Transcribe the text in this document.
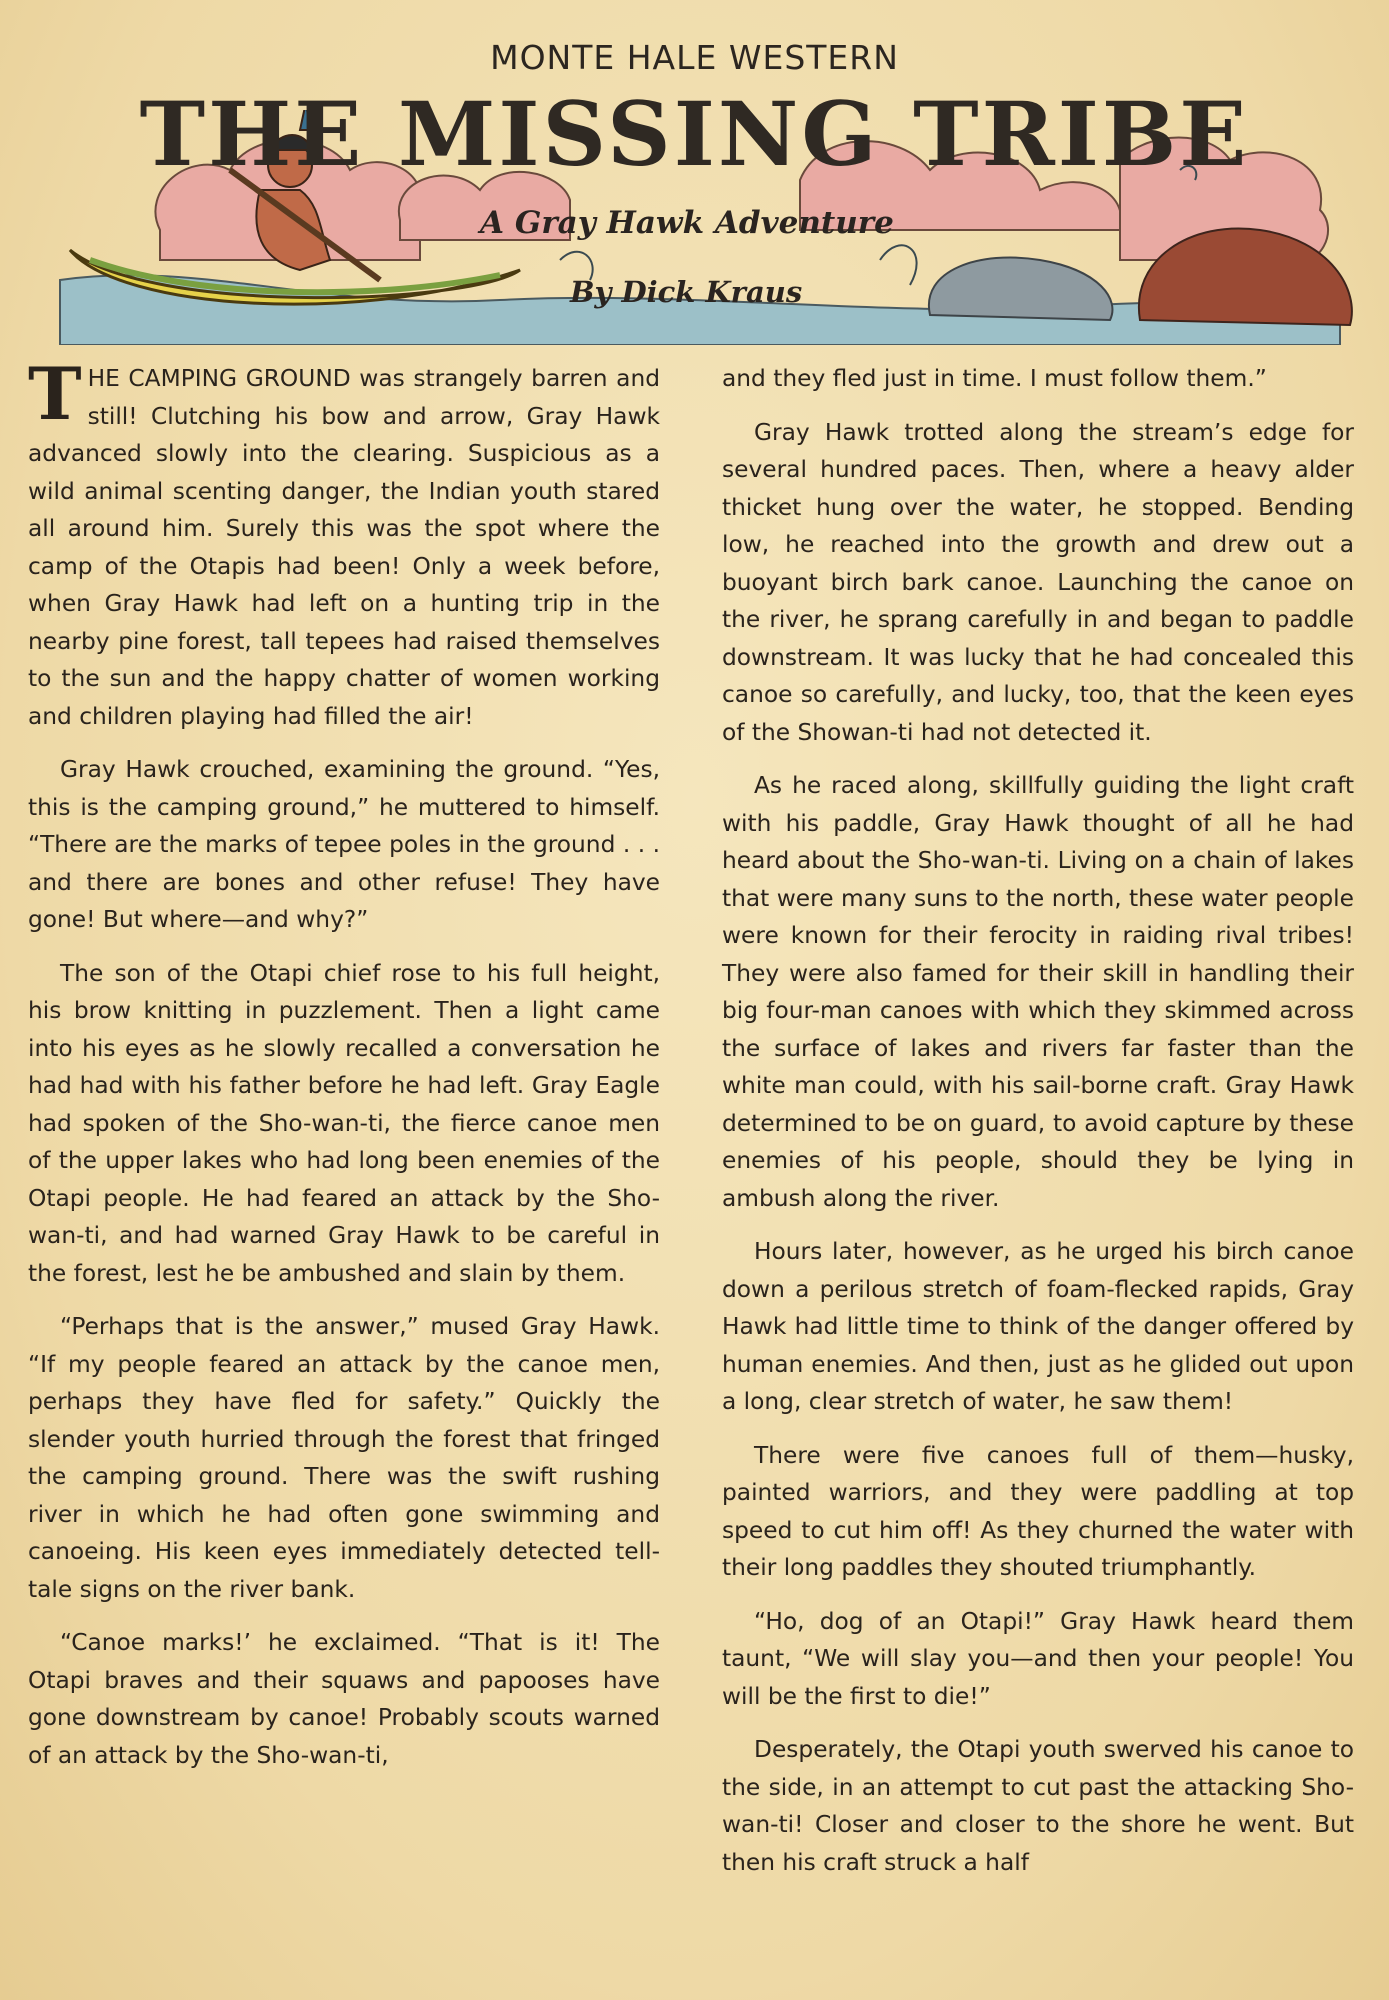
MONTE HALE WESTERN
THE MISSING TRIBE
A Gray Hawk Adventure
By Dick Kraus

THE CAMPING GROUND was strangely barren and still! Clutching his bow and arrow, Gray Hawk advanced slowly into the clearing. Suspicious as a wild animal scenting danger, the Indian youth stared all around him. Surely this was the spot where the camp of the Otapis had been! Only a week before, when Gray Hawk had left on a hunting trip in the nearby pine forest, tall tepees had raised themselves to the sun and the happy chatter of women working and children playing had filled the air!

Gray Hawk crouched, examining the ground. “Yes, this is the camping ground,” he muttered to himself. “There are the marks of tepee poles in the ground . . . and there are bones and other refuse! They have gone! But where—and why?”

The son of the Otapi chief rose to his full height, his brow knitting in puzzlement. Then a light came into his eyes as he slowly recalled a conversation he had had with his father before he had left. Gray Eagle had spoken of the Sho-wan-ti, the fierce canoe men of the upper lakes who had long been enemies of the Otapi people. He had feared an attack by the Sho-wan-ti, and had warned Gray Hawk to be careful in the forest, lest he be ambushed and slain by them.

“Perhaps that is the answer,” mused Gray Hawk. “If my people feared an attack by the canoe men, perhaps they have fled for safety.” Quickly the slender youth hurried through the forest that fringed the camping ground. There was the swift rushing river in which he had often gone swimming and canoeing. His keen eyes immediately detected tell-tale signs on the river bank.

“Canoe marks!’ he exclaimed. “That is it! The Otapi braves and their squaws and papooses have gone downstream by canoe! Probably scouts warned of an attack by the Sho-wan-ti,

and they fled just in time. I must follow them.”

Gray Hawk trotted along the stream’s edge for several hundred paces. Then, where a heavy alder thicket hung over the water, he stopped. Bending low, he reached into the growth and drew out a buoyant birch bark canoe. Launching the canoe on the river, he sprang carefully in and began to paddle downstream. It was lucky that he had concealed this canoe so carefully, and lucky, too, that the keen eyes of the Showan-ti had not detected it.

As he raced along, skillfully guiding the light craft with his paddle, Gray Hawk thought of all he had heard about the Sho-wan-ti. Living on a chain of lakes that were many suns to the north, these water people were known for their ferocity in raiding rival tribes! They were also famed for their skill in handling their big four-man canoes with which they skimmed across the surface of lakes and rivers far faster than the white man could, with his sail-borne craft. Gray Hawk determined to be on guard, to avoid capture by these enemies of his people, should they be lying in ambush along the river.

Hours later, however, as he urged his birch canoe down a perilous stretch of foam-flecked rapids, Gray Hawk had little time to think of the danger offered by human enemies. And then, just as he glided out upon a long, clear stretch of water, he saw them!

There were five canoes full of them—husky, painted warriors, and they were paddling at top speed to cut him off! As they churned the water with their long paddles they shouted triumphantly.

“Ho, dog of an Otapi!” Gray Hawk heard them taunt, “We will slay you—and then your people! You will be the first to die!”

Desperately, the Otapi youth swerved his canoe to the side, in an attempt to cut past the attacking Sho-wan-ti! Closer and closer to the shore he went. But then his craft struck a half
